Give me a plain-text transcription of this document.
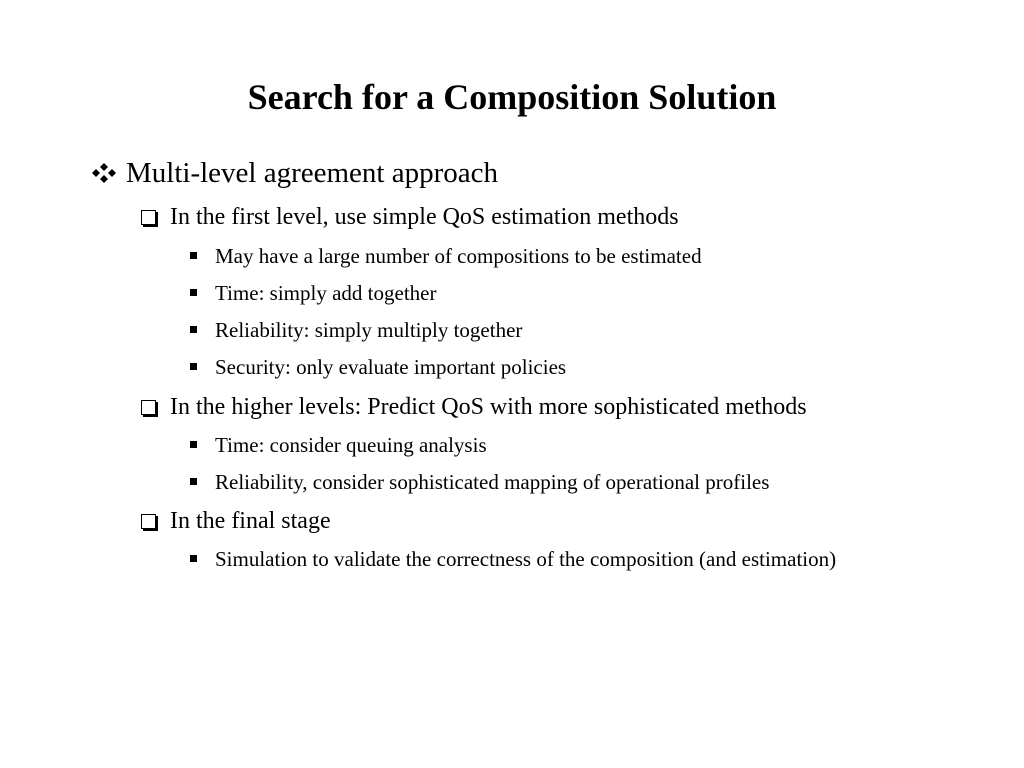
Search for a Composition Solution
Multi-level agreement approach
In the first level, use simple QoS estimation methods
May have a large number of compositions to be estimated
Time: simply add together
Reliability: simply multiply together
Security: only evaluate important policies
In the higher levels: Predict QoS with more sophisticated methods
Time: consider queuing analysis
Reliability, consider sophisticated mapping of operational profiles
In the final stage
Simulation to validate the correctness of the composition (and estimation)
